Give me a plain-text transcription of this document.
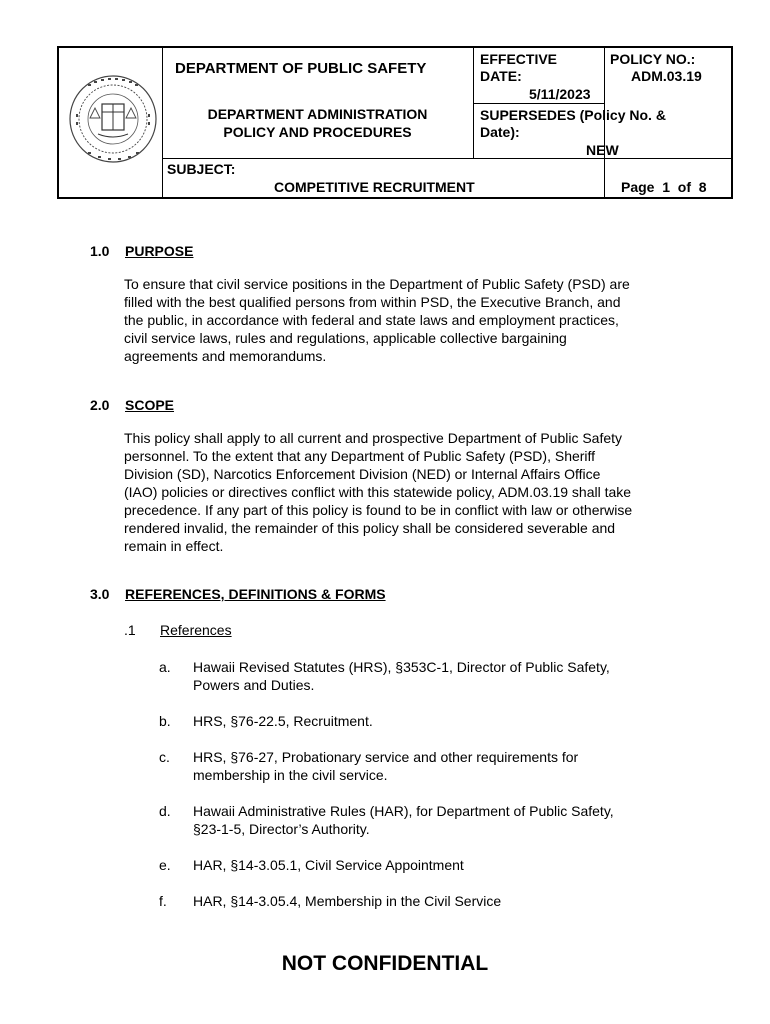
DEPARTMENT OF PUBLIC SAFETY
DEPARTMENT ADMINISTRATION
POLICY AND PROCEDURES
EFFECTIVE
DATE:
5/11/2023
POLICY NO.:
ADM.03.19
SUPERSEDES (Policy No. &
Date):
NEW
SUBJECT:
COMPETITIVE RECRUITMENT	Page  1  of  8
1.0 PURPOSE
To ensure that civil service positions in the Department of Public Safety (PSD) are
filled with the best qualified persons from within PSD, the Executive Branch, and
the public, in accordance with federal and state laws and employment practices,
civil service laws, rules and regulations, applicable collective bargaining
agreements and memorandums.
2.0 SCOPE
This policy shall apply to all current and prospective Department of Public Safety
personnel. To the extent that any Department of Public Safety (PSD), Sheriff
Division (SD), Narcotics Enforcement Division (NED) or Internal Affairs Office
(IAO) policies or directives conflict with this statewide policy, ADM.03.19 shall take
precedence. If any part of this policy is found to be in conflict with law or otherwise
rendered invalid, the remainder of this policy shall be considered severable and
remain in effect.
3.0 REFERENCES, DEFINITIONS & FORMS
.1 References
a. Hawaii Revised Statutes (HRS), §353C-1, Director of Public Safety,
Powers and Duties.
b. HRS, §76-22.5, Recruitment.
c. HRS, §76-27, Probationary service and other requirements for
membership in the civil service.
d. Hawaii Administrative Rules (HAR), for Department of Public Safety,
§23-1-5, Director’s Authority.
e. HAR, §14-3.05.1, Civil Service Appointment
f. HAR, §14-3.05.4, Membership in the Civil Service
NOT CONFIDENTIAL
